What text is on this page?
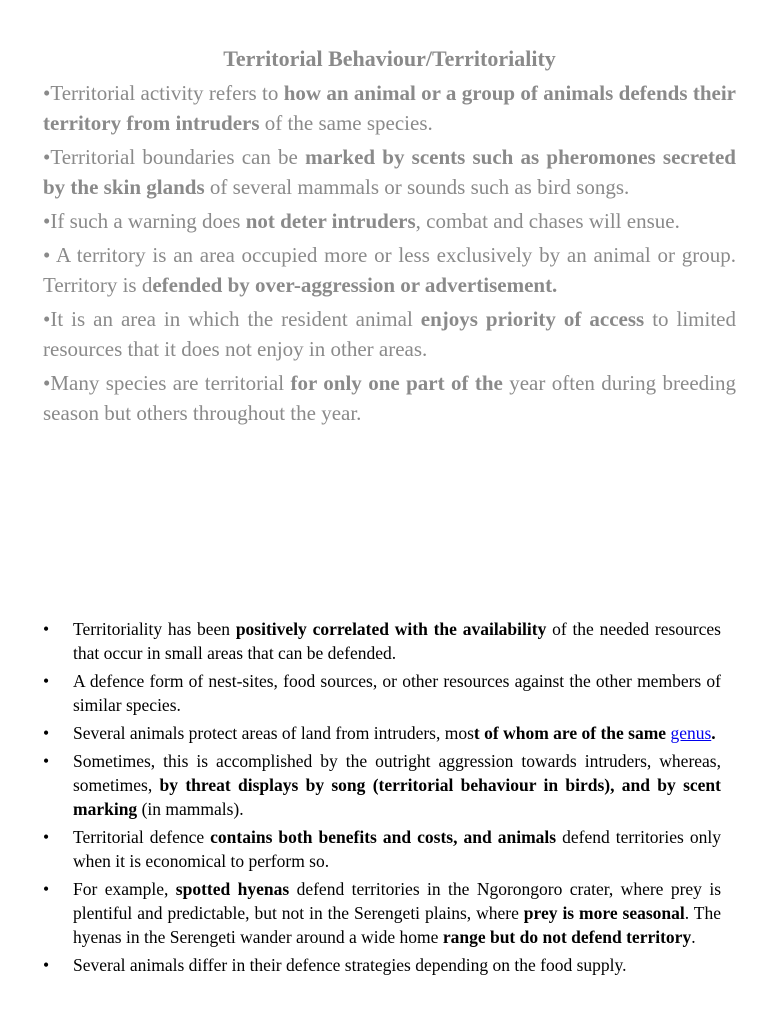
Territorial Behaviour/Territoriality

•Territorial activity refers to how an animal or a group of animals defends their territory from intruders of the same species.

•Territorial boundaries can be marked by scents such as pheromones secreted by the skin glands of several mammals or sounds such as bird songs.

•If such a warning does not deter intruders, combat and chases will ensue.

• A territory is an area occupied more or less exclusively by an animal or group. Territory is defended by over-aggression or advertisement.

•It is an area in which the resident animal enjoys priority of access to limited resources that it does not enjoy in other areas.

•Many species are territorial for only one part of the year often during breeding season but others throughout the year.

•	Territoriality has been positively correlated with the availability of the needed resources that occur in small areas that can be defended.
•	A defence form of nest-sites, food sources, or other resources against the other members of similar species.
•	Several animals protect areas of land from intruders, most of whom are of the same genus.
•	Sometimes, this is accomplished by the outright aggression towards intruders, whereas, sometimes, by threat displays by song (territorial behaviour in birds), and by scent marking (in mammals).
•	Territorial defence contains both benefits and costs, and animals defend territories only when it is economical to perform so.
•	For example, spotted hyenas defend territories in the Ngorongoro crater, where prey is plentiful and predictable, but not in the Serengeti plains, where prey is more seasonal. The hyenas in the Serengeti wander around a wide home range but do not defend territory.
•	Several animals differ in their defence strategies depending on the food supply.
